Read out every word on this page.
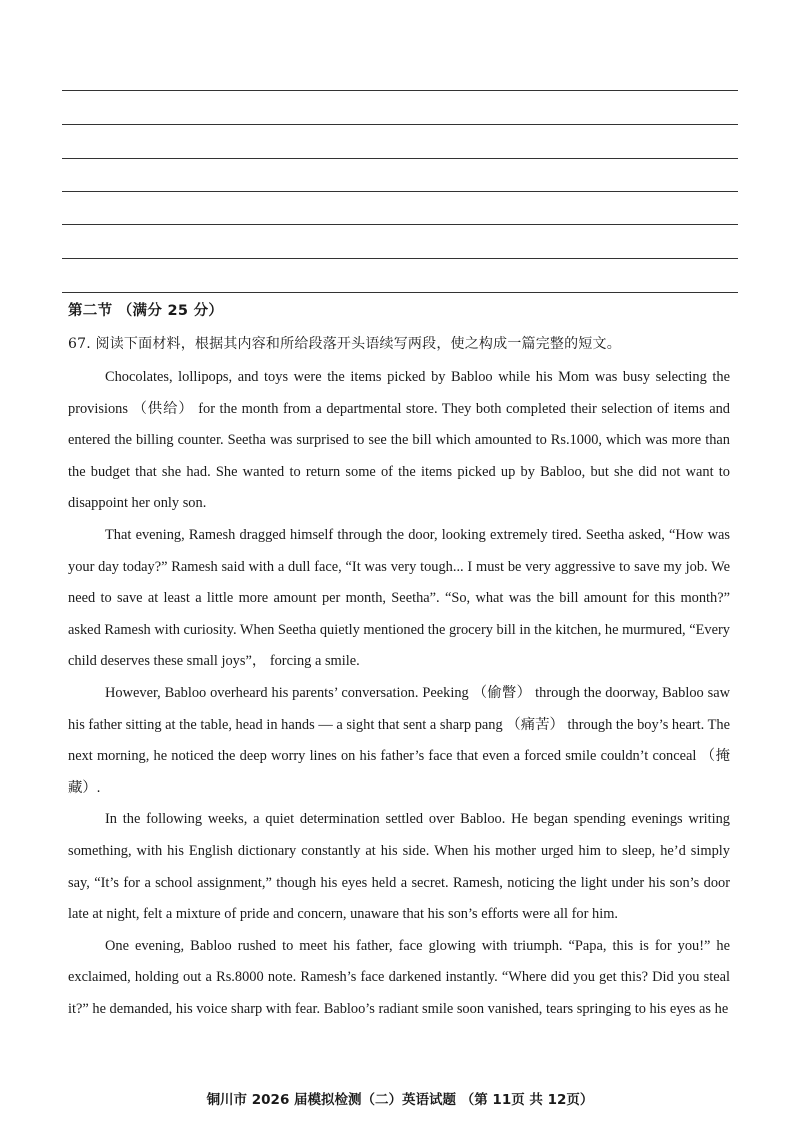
第二节 （满分 25 分）
67. 阅读下面材料，根据其内容和所给段落开头语续写两段，使之构成一篇完整的短文。

Chocolates, lollipops, and toys were the items picked by Babloo while his Mom was busy selecting the provisions （供给） for the month from a departmental store. They both completed their selection of items and entered the billing counter. Seetha was surprised to see the bill which amounted to Rs.1000, which was more than the budget that she had. She wanted to return some of the items picked up by Babloo, but she did not want to disappoint her only son.

That evening, Ramesh dragged himself through the door, looking extremely tired. Seetha asked, “How was your day today?” Ramesh said with a dull face, “It was very tough... I must be very aggressive to save my job. We need to save at least a little more amount per month, Seetha”. “So, what was the bill amount for this month?” asked Ramesh with curiosity. When Seetha quietly mentioned the grocery bill in the kitchen, he murmured, “Every child deserves these small joys”， forcing a smile.

However, Babloo overheard his parents’ conversation. Peeking （偷瞥） through the doorway, Babloo saw his father sitting at the table, head in hands — a sight that sent a sharp pang （痛苦） through the boy’s heart. The next morning, he noticed the deep worry lines on his father’s face that even a forced smile couldn’t conceal （掩藏）.

In the following weeks, a quiet determination settled over Babloo. He began spending evenings writing something, with his English dictionary constantly at his side. When his mother urged him to sleep, he’d simply say, “It’s for a school assignment,” though his eyes held a secret. Ramesh, noticing the light under his son’s door late at night, felt a mixture of pride and concern, unaware that his son’s efforts were all for him.

One evening, Babloo rushed to meet his father, face glowing with triumph. “Papa, this is for you!” he exclaimed, holding out a Rs.8000 note. Ramesh’s face darkened instantly. “Where did you get this? Did you steal it?” he demanded, his voice sharp with fear. Babloo’s radiant smile soon vanished, tears springing to his eyes as he

铜川市 2026 届模拟检测（二）英语试题 （第 11页 共 12页）
